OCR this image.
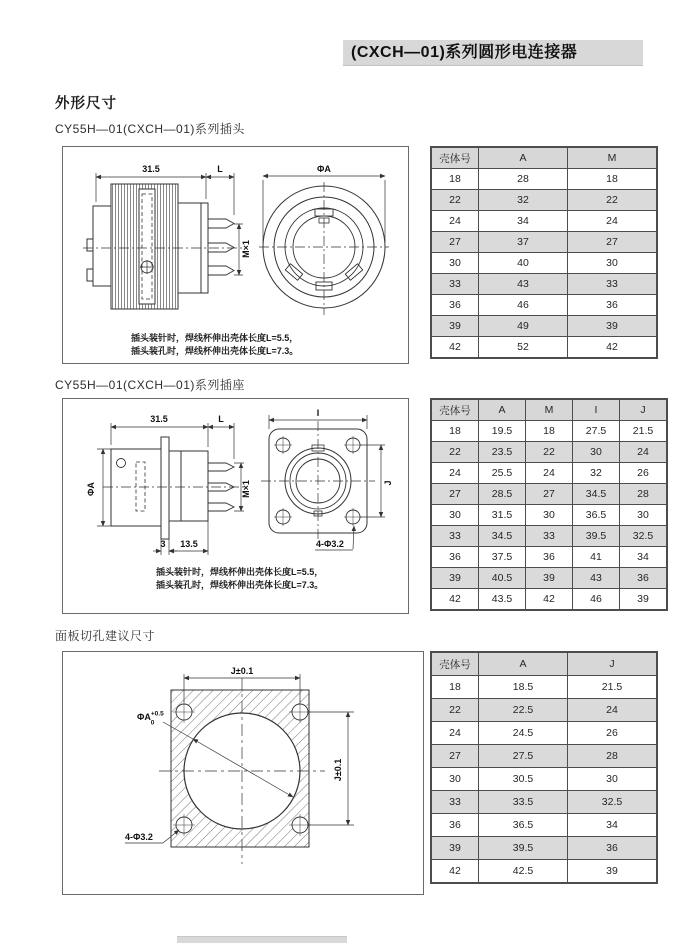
(CXCH—01)系列圆形电连接器
外形尺寸
CY55H—01(CXCH—01)系列插头
31.5	L
M×1
ΦA
插头装针时，焊线杯伸出壳体长度L=5.5，
插头装孔时，焊线杯伸出壳体长度L=7.3。
壳体号	A	M
18	28	18
22	32	22
24	34	24
27	37	27
30	40	30
33	43	33
36	46	36
39	49	39
42	52	42
CY55H—01(CXCH—01)系列插座
31.5	L
ΦA	M×1
3 13.5
I
J
4-Φ3.2
插头装针时，焊线杯伸出壳体长度L=5.5，
插头装孔时，焊线杯伸出壳体长度L=7.3。
壳体号	A	M	I	J
18	19.5	18	27.5	21.5
22	23.5	22	30	24
24	25.5	24	32	26
27	28.5	27	34.5	28
30	31.5	30	36.5	30
33	34.5	33	39.5	32.5
36	37.5	36	41	34
39	40.5	39	43	36
42	43.5	42	46	39
面板切孔建议尺寸
J±0.1
J±0.1
$\Phi A^{+0.5}$ 0
4-Φ3.2
壳体号	A	J
18	18.5	21.5
22	22.5	24
24	24.5	26
27	27.5	28
30	30.5	30
33	33.5	32.5
36	36.5	34
39	39.5	36
42	42.5	39
